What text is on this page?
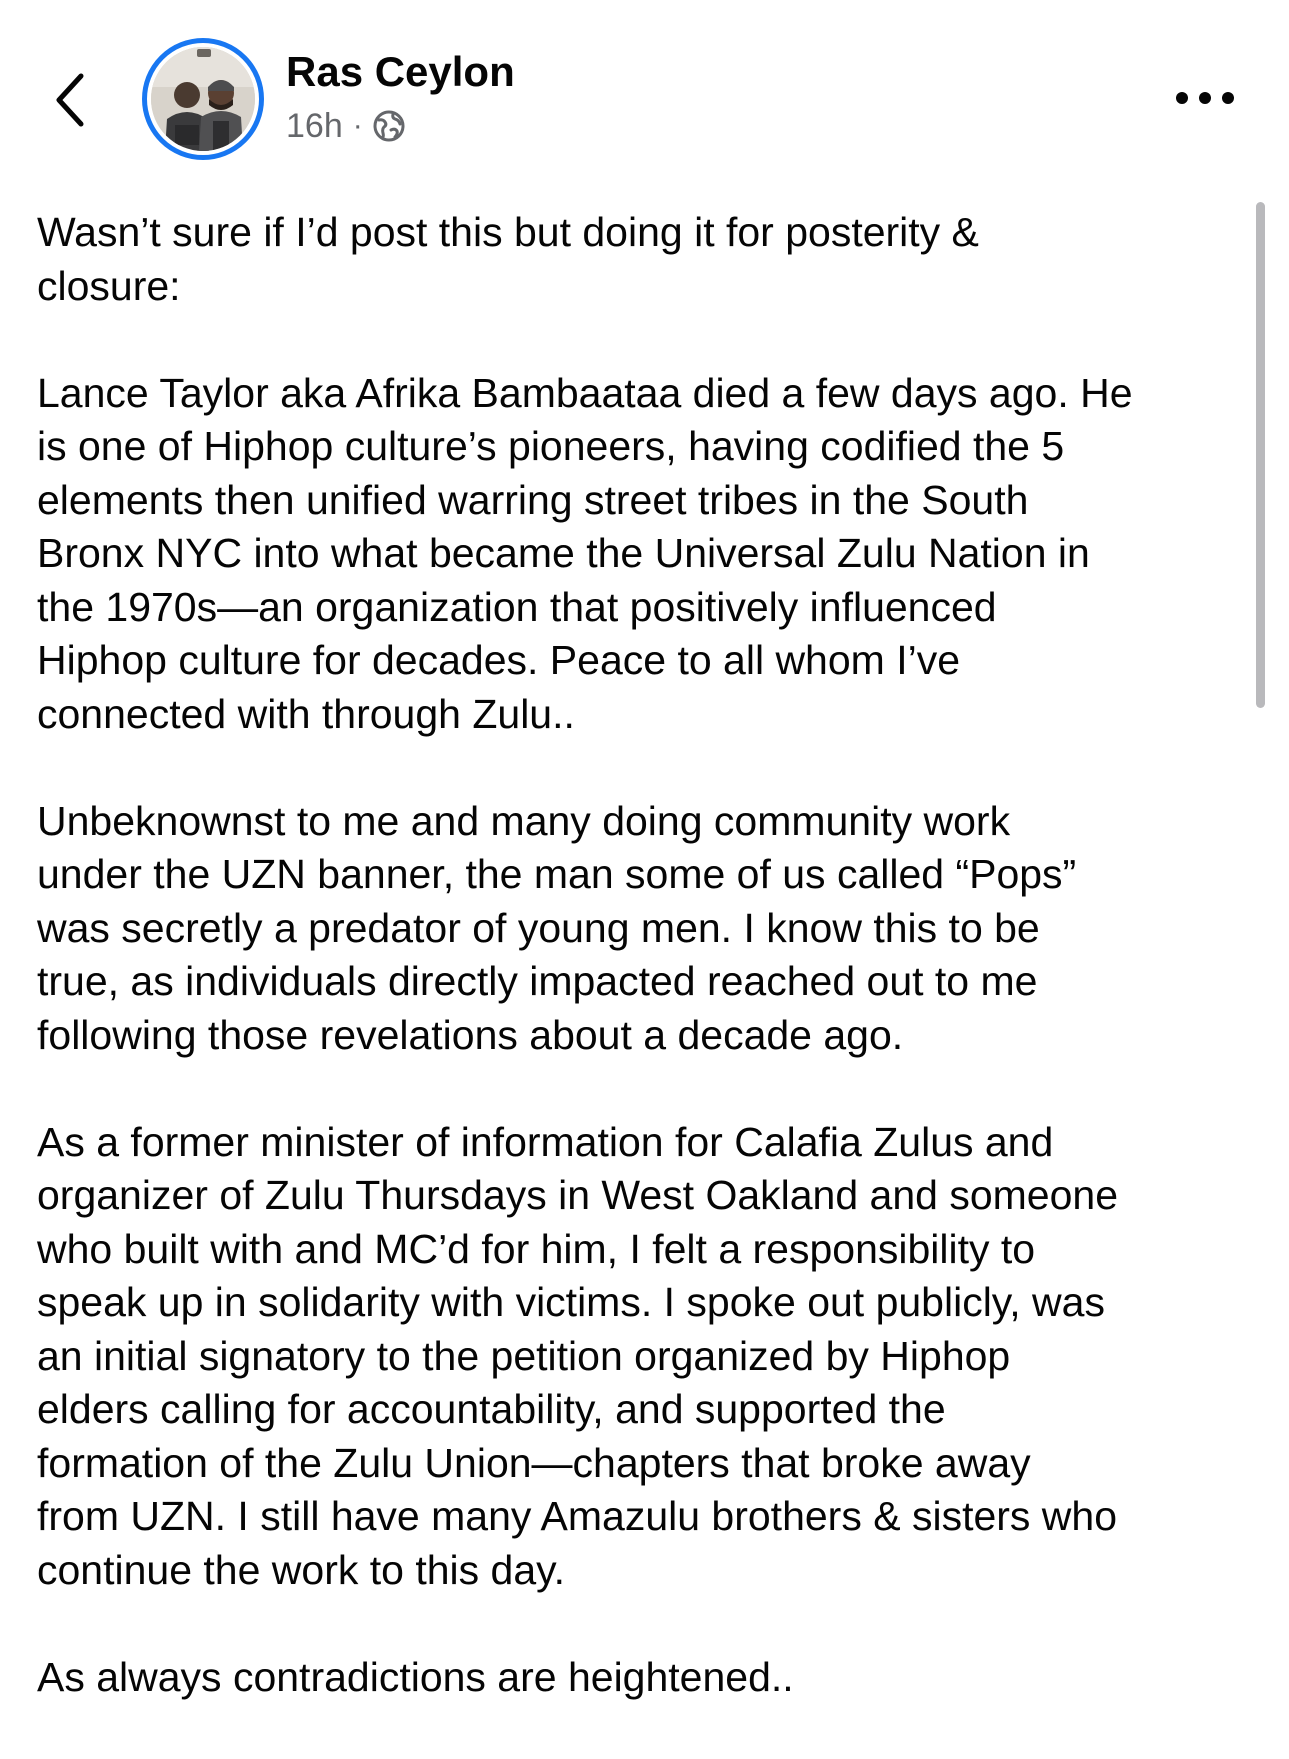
Ras Ceylon
16h ·

Wasn’t sure if I’d post this but doing it for posterity &
closure:

Lance Taylor aka Afrika Bambaataa died a few days ago. He
is one of Hiphop culture’s pioneers, having codified the 5
elements then unified warring street tribes in the South
Bronx NYC into what became the Universal Zulu Nation in
the 1970s—an organization that positively influenced
Hiphop culture for decades. Peace to all whom I’ve
connected with through Zulu..

Unbeknownst to me and many doing community work
under the UZN banner, the man some of us called “Pops”
was secretly a predator of young men. I know this to be
true, as individuals directly impacted reached out to me
following those revelations about a decade ago.

As a former minister of information for Calafia Zulus and
organizer of Zulu Thursdays in West Oakland and someone
who built with and MC’d for him, I felt a responsibility to
speak up in solidarity with victims. I spoke out publicly, was
an initial signatory to the petition organized by Hiphop
elders calling for accountability, and supported the
formation of the Zulu Union—chapters that broke away
from UZN. I still have many Amazulu brothers & sisters who
continue the work to this day.

As always contradictions are heightened..
